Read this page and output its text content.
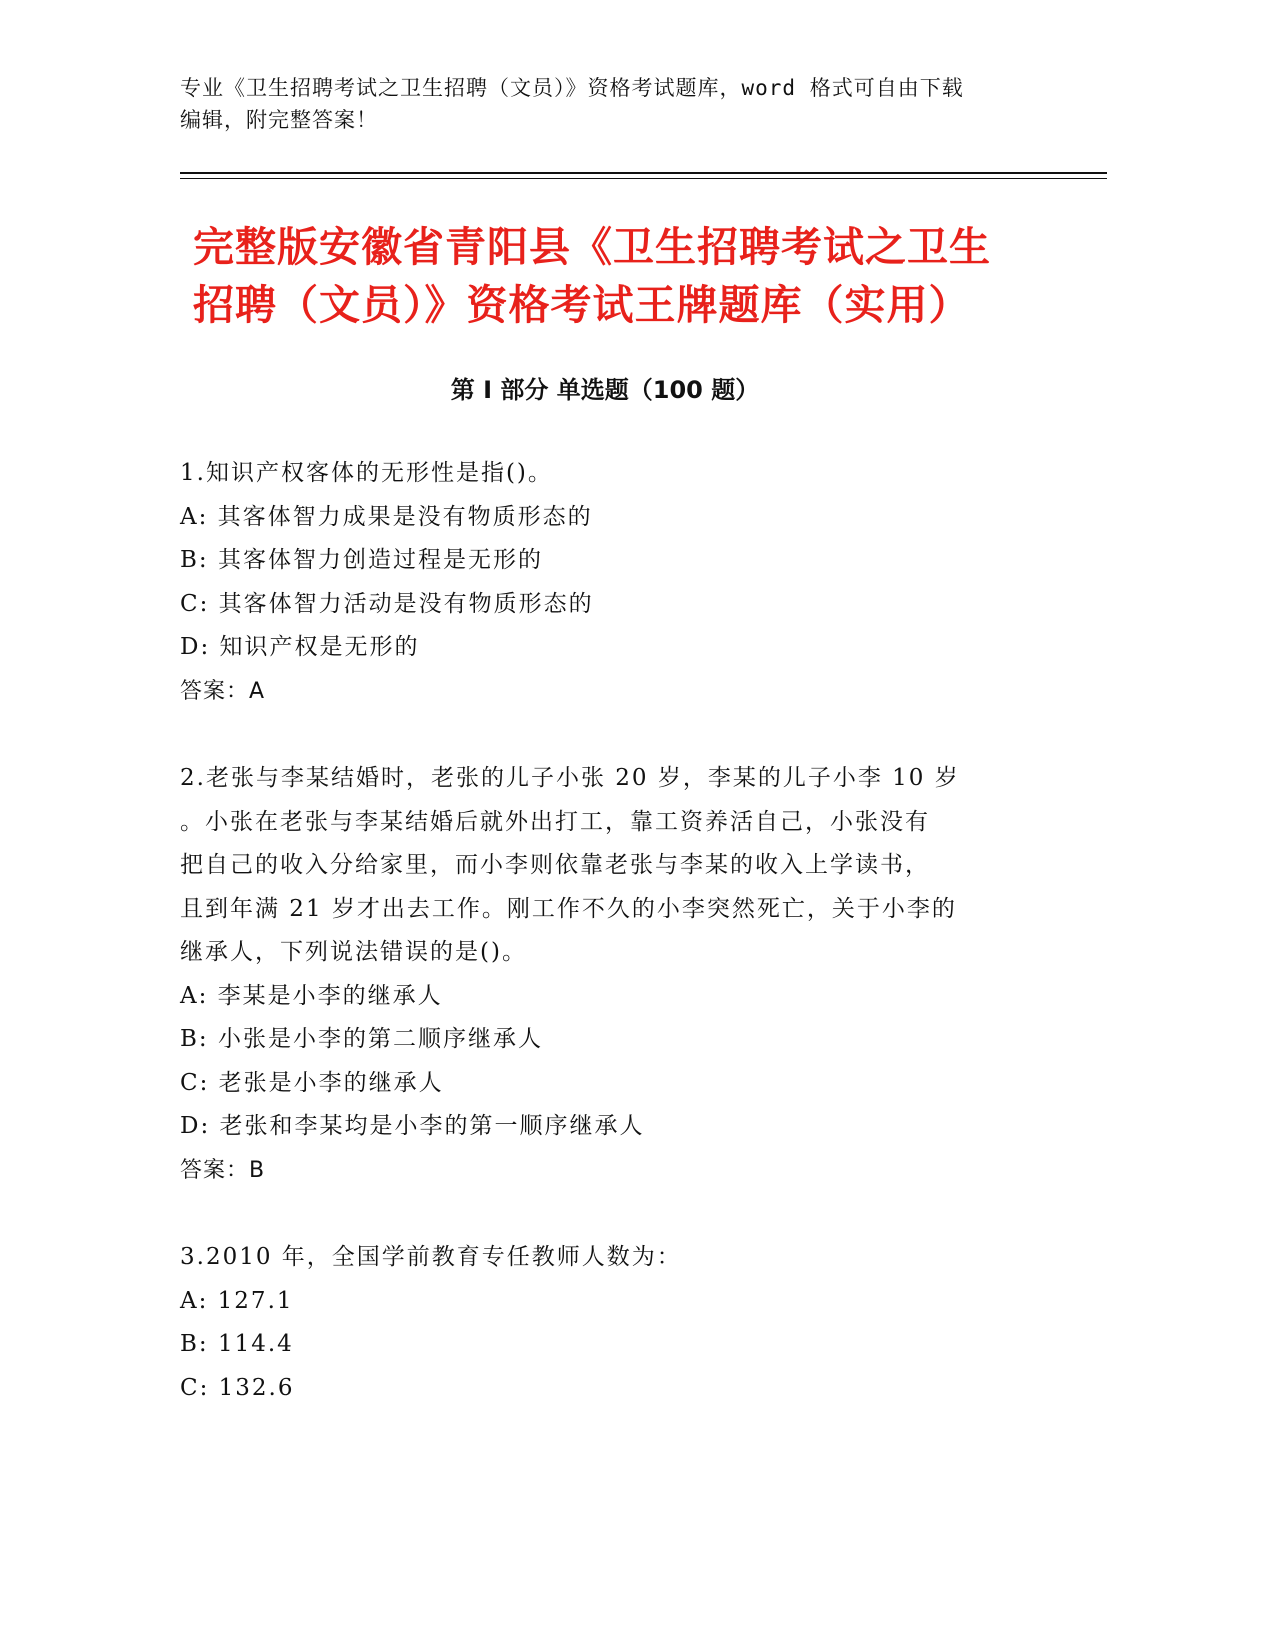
专业《卫生招聘考试之卫生招聘（文员）》资格考试题库，word 格式可自由下载
编辑，附完整答案！
完整版安徽省青阳县《卫生招聘考试之卫生
招聘（文员）》资格考试王牌题库（实用）
第 I 部分 单选题（100 题）
1.知识产权客体的无形性是指()。
A: 其客体智力成果是没有物质形态的
B: 其客体智力创造过程是无形的
C: 其客体智力活动是没有物质形态的
D: 知识产权是无形的
答案：A
2.老张与李某结婚时，老张的儿子小张 20 岁，李某的儿子小李 10 岁
。小张在老张与李某结婚后就外出打工，靠工资养活自己，小张没有
把自己的收入分给家里，而小李则依靠老张与李某的收入上学读书，
且到年满 21 岁才出去工作。刚工作不久的小李突然死亡，关于小李的
继承人，下列说法错误的是()。
A: 李某是小李的继承人
B: 小张是小李的第二顺序继承人
C: 老张是小李的继承人
D: 老张和李某均是小李的第一顺序继承人
答案：B
3.2010 年，全国学前教育专任教师人数为：
A: 127.1
B: 114.4
C: 132.6
